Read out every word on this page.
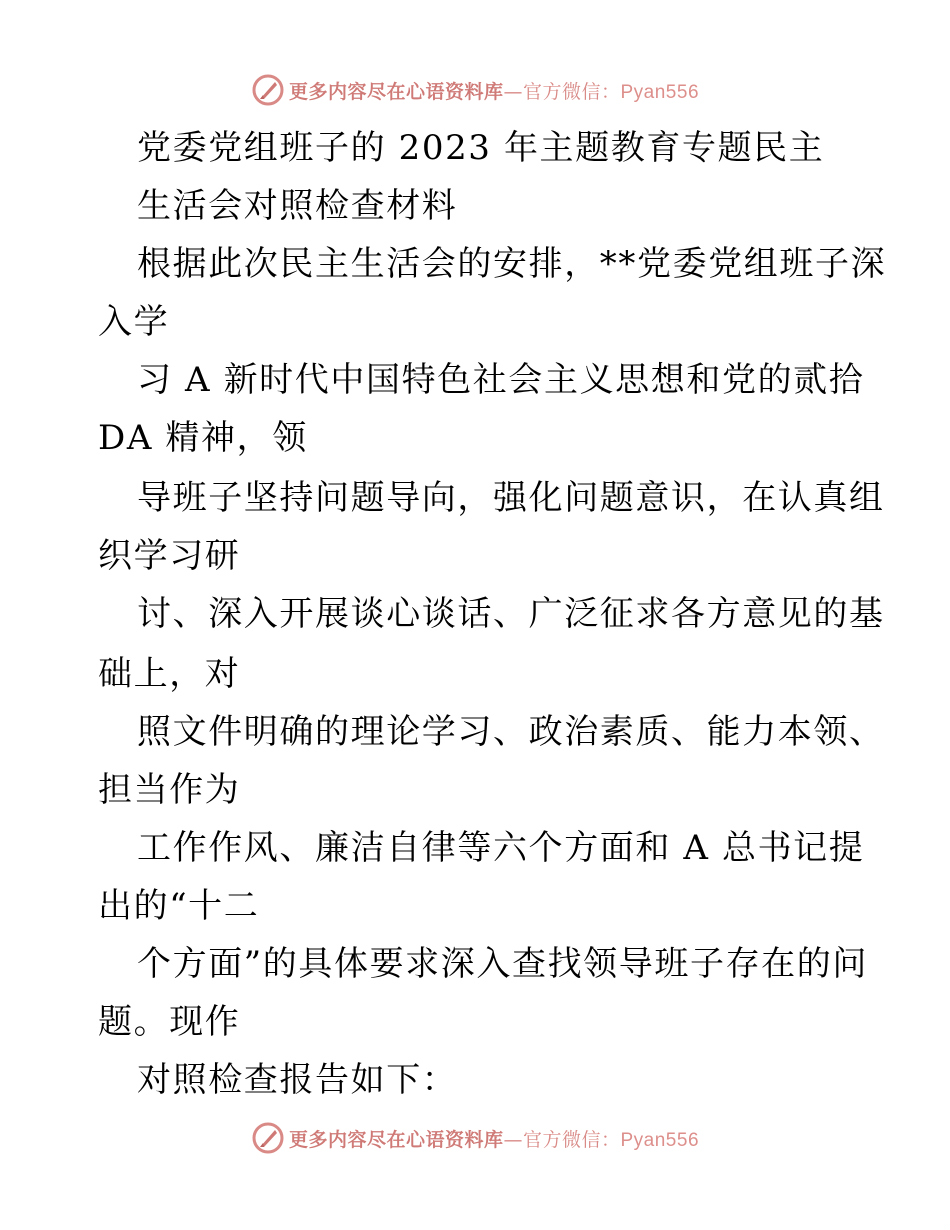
更多内容尽在心语资料库—官方微信：Pyan556
党委党组班子的 2023 年主题教育专题民主
生活会对照检查材料
根据此次民主生活会的安排，**党委党组班子深
入学
习 A 新时代中国特色社会主义思想和党的贰拾
DA 精神，领
导班子坚持问题导向，强化问题意识，在认真组
织学习研
讨、深入开展谈心谈话、广泛征求各方意见的基
础上，对
照文件明确的理论学习、政治素质、能力本领、
担当作为
工作作风、廉洁自律等六个方面和 A 总书记提
出的“十二
个方面”的具体要求深入查找领导班子存在的问
题。现作
对照检查报告如下：
更多内容尽在心语资料库—官方微信：Pyan556
